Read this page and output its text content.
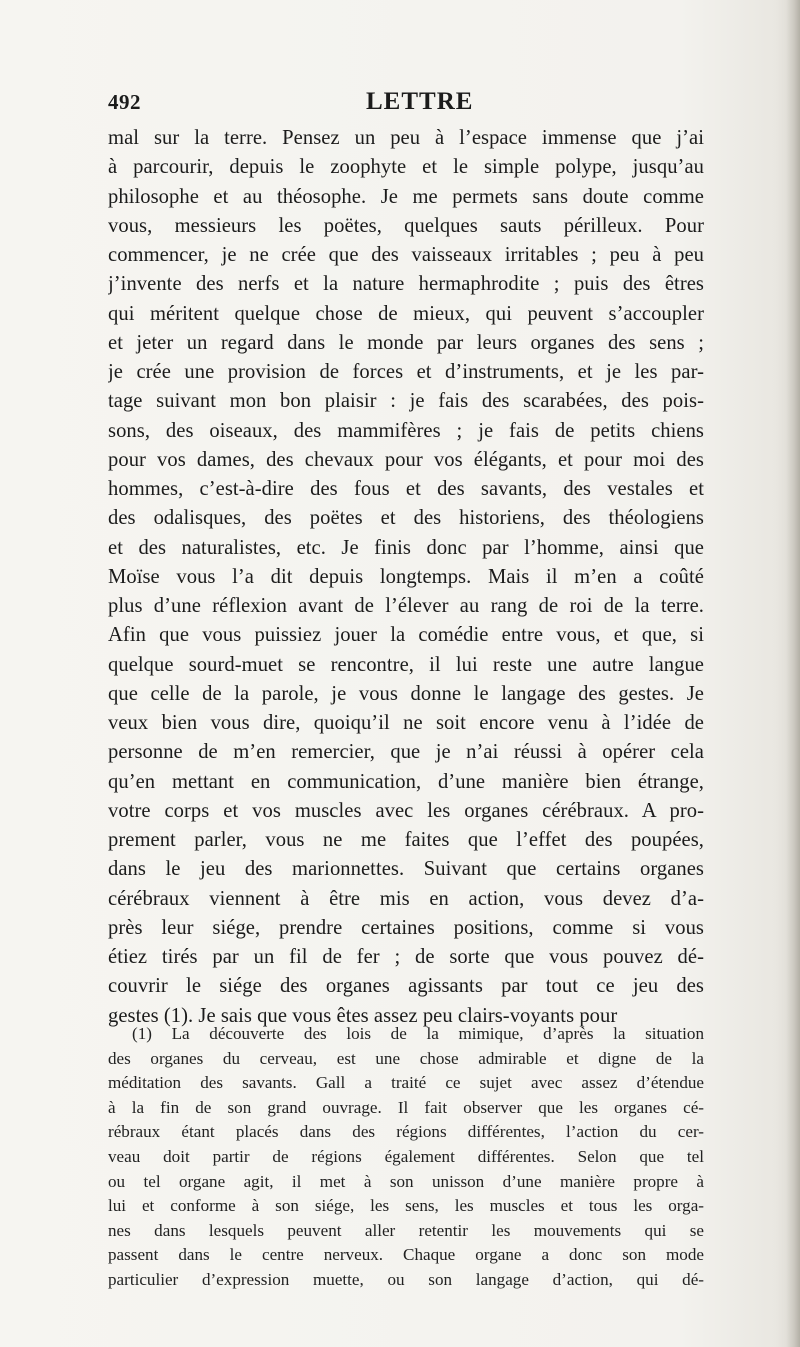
492	LETTRE
mal sur la terre. Pensez un peu à l’espace immense que j’ai
à parcourir, depuis le zoophyte et le simple polype, jusqu’au
philosophe et au théosophe. Je me permets sans doute comme
vous, messieurs les poëtes, quelques sauts périlleux. Pour
commencer, je ne crée que des vaisseaux irritables ; peu à peu
j’invente des nerfs et la nature hermaphrodite ; puis des êtres
qui méritent quelque chose de mieux, qui peuvent s’accoupler
et jeter un regard dans le monde par leurs organes des sens ;
je crée une provision de forces et d’instruments, et je les par-
tage suivant mon bon plaisir : je fais des scarabées, des pois-
sons, des oiseaux, des mammifères ; je fais de petits chiens
pour vos dames, des chevaux pour vos élégants, et pour moi des
hommes, c’est-à-dire des fous et des savants, des vestales et
des odalisques, des poëtes et des historiens, des théologiens
et des naturalistes, etc. Je finis donc par l’homme, ainsi que
Moïse vous l’a dit depuis longtemps. Mais il m’en a coûté
plus d’une réflexion avant de l’élever au rang de roi de la terre.
Afin que vous puissiez jouer la comédie entre vous, et que, si
quelque sourd-muet se rencontre, il lui reste une autre langue
que celle de la parole, je vous donne le langage des gestes. Je
veux bien vous dire, quoiqu’il ne soit encore venu à l’idée de
personne de m’en remercier, que je n’ai réussi à opérer cela
qu’en mettant en communication, d’une manière bien étrange,
votre corps et vos muscles avec les organes cérébraux. A pro-
prement parler, vous ne me faites que l’effet des poupées,
dans le jeu des marionnettes. Suivant que certains organes
cérébraux viennent à être mis en action, vous devez d’a-
près leur siége, prendre certaines positions, comme si vous
étiez tirés par un fil de fer ; de sorte que vous pouvez dé-
couvrir le siége des organes agissants par tout ce jeu des
gestes (1). Je sais que vous êtes assez peu clairs-voyants pour
(1) La découverte des lois de la mimique, d’après la situation
des organes du cerveau, est une chose admirable et digne de la
méditation des savants. Gall a traité ce sujet avec assez d’étendue
à la fin de son grand ouvrage. Il fait observer que les organes cé-
rébraux étant placés dans des régions différentes, l’action du cer-
veau doit partir de régions également différentes. Selon que tel
ou tel organe agit, il met à son unisson d’une manière propre à
lui et conforme à son siége, les sens, les muscles et tous les orga-
nes dans lesquels peuvent aller retentir les mouvements qui se
passent dans le centre nerveux. Chaque organe a donc son mode
particulier d’expression muette, ou son langage d’action, qui dé-
